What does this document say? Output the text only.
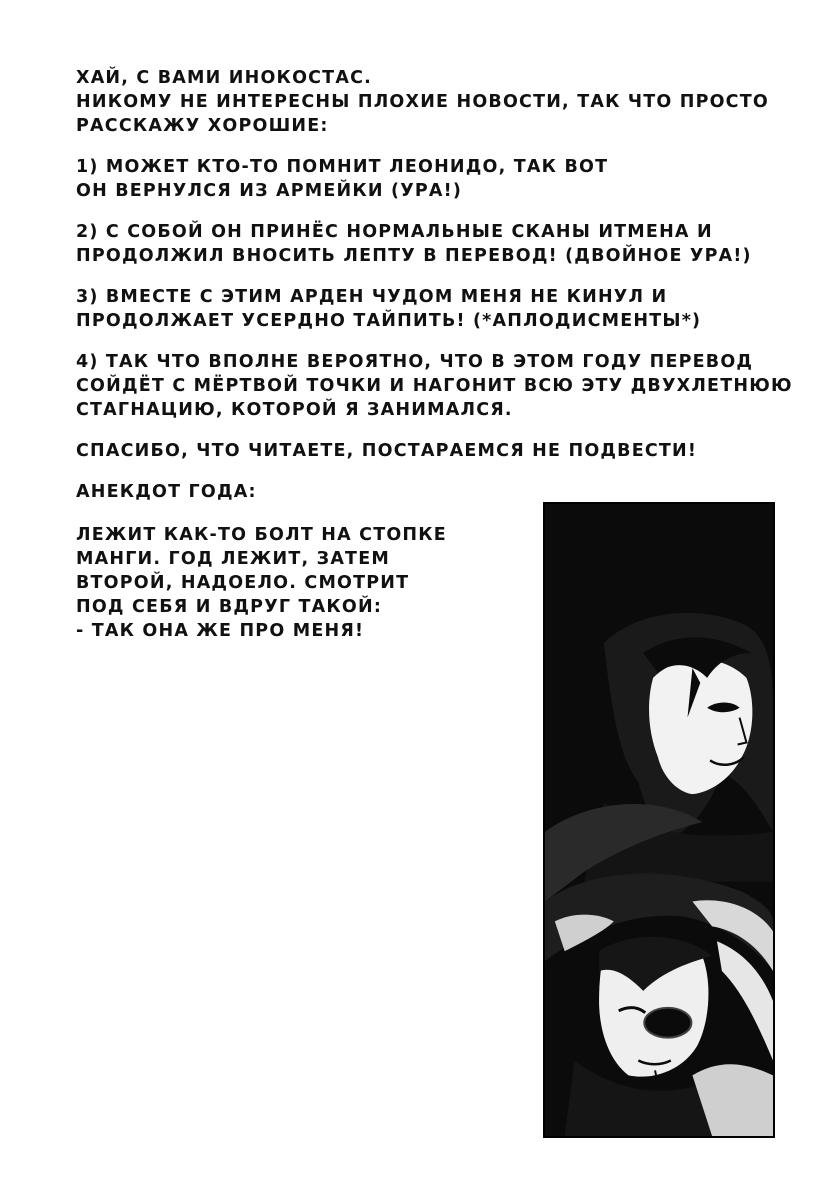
ХАЙ, С ВАМИ ИНОКОСТАС.
НИКОМУ НЕ ИНТЕРЕСНЫ ПЛОХИЕ НОВОСТИ, ТАК ЧТО ПРОСТО
РАССКАЖУ ХОРОШИЕ:
1) МОЖЕТ КТО-ТО ПОМНИТ ЛЕОНИДО, ТАК ВОТ
ОН ВЕРНУЛСЯ ИЗ АРМЕЙКИ (УРА!)
2) С СОБОЙ ОН ПРИНЁС НОРМАЛЬНЫЕ СКАНЫ ИТМЕНА И
ПРОДОЛЖИЛ ВНОСИТЬ ЛЕПТУ В ПЕРЕВОД! (ДВОЙНОЕ УРА!)
3) ВМЕСТЕ С ЭТИМ АРДЕН ЧУДОМ МЕНЯ НЕ КИНУЛ И
ПРОДОЛЖАЕТ УСЕРДНО ТАЙПИТЬ! (*АПЛОДИСМЕНТЫ*)
4) ТАК ЧТО ВПОЛНЕ ВЕРОЯТНО, ЧТО В ЭТОМ ГОДУ ПЕРЕВОД
СОЙДЁТ С МЁРТВОЙ ТОЧКИ И НАГОНИТ ВСЮ ЭТУ ДВУХЛЕТНЮЮ
СТАГНАЦИЮ, КОТОРОЙ Я ЗАНИМАЛСЯ.
СПАСИБО, ЧТО ЧИТАЕТЕ, ПОСТАРАЕМСЯ НЕ ПОДВЕСТИ!
АНЕКДОТ ГОДА:
ЛЕЖИТ КАК-ТО БОЛТ НА СТОПКЕ
МАНГИ. ГОД ЛЕЖИТ, ЗАТЕМ
ВТОРОЙ, НАДОЕЛО. СМОТРИТ
ПОД СЕБЯ И ВДРУГ ТАКОЙ:
- ТАК ОНА ЖЕ ПРО МЕНЯ!
